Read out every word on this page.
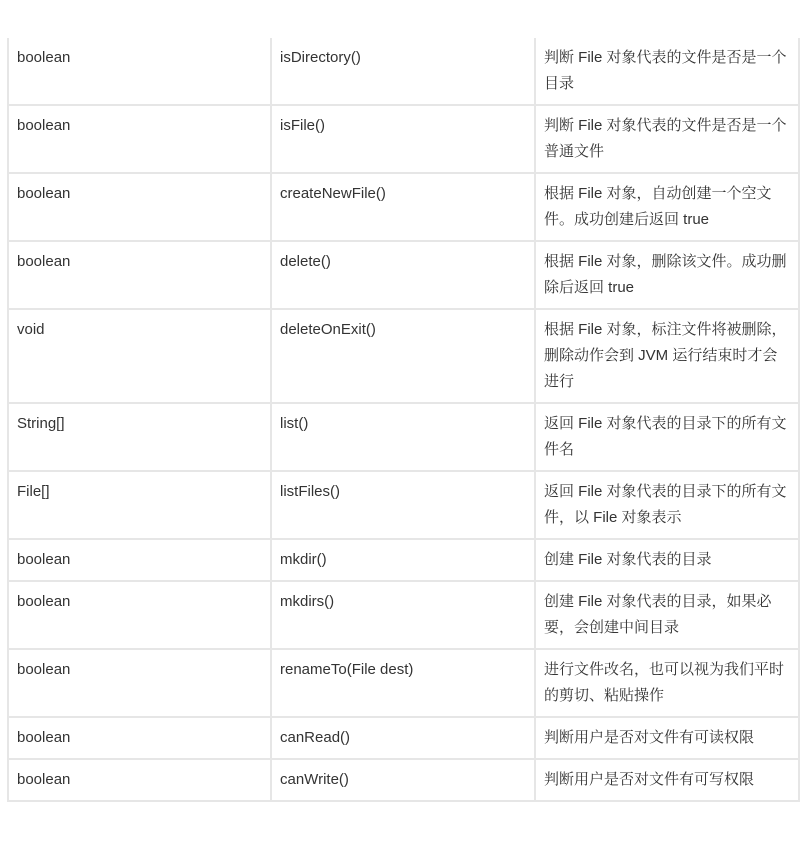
boolean	isDirectory()	判断 File 对象代表的文件是否是一个目录
boolean	isFile()	判断 File 对象代表的文件是否是一个普通文件
boolean	createNewFile()	根据 File 对象，自动创建一个空文件。成功创建后返回 true
boolean	delete()	根据 File 对象，删除该文件。成功删除后返回 true
void	deleteOnExit()	根据 File 对象，标注文件将被删除，删除动作会到 JVM 运行结束时才会进行
String[]	list()	返回 File 对象代表的目录下的所有文件名
File[]	listFiles()	返回 File 对象代表的目录下的所有文件，以 File 对象表示
boolean	mkdir()	创建 File 对象代表的目录
boolean	mkdirs()	创建 File 对象代表的目录，如果必要，会创建中间目录
boolean	renameTo(File dest)	进行文件改名，也可以视为我们平时的剪切、粘贴操作
boolean	canRead()	判断用户是否对文件有可读权限
boolean	canWrite()	判断用户是否对文件有可写权限
